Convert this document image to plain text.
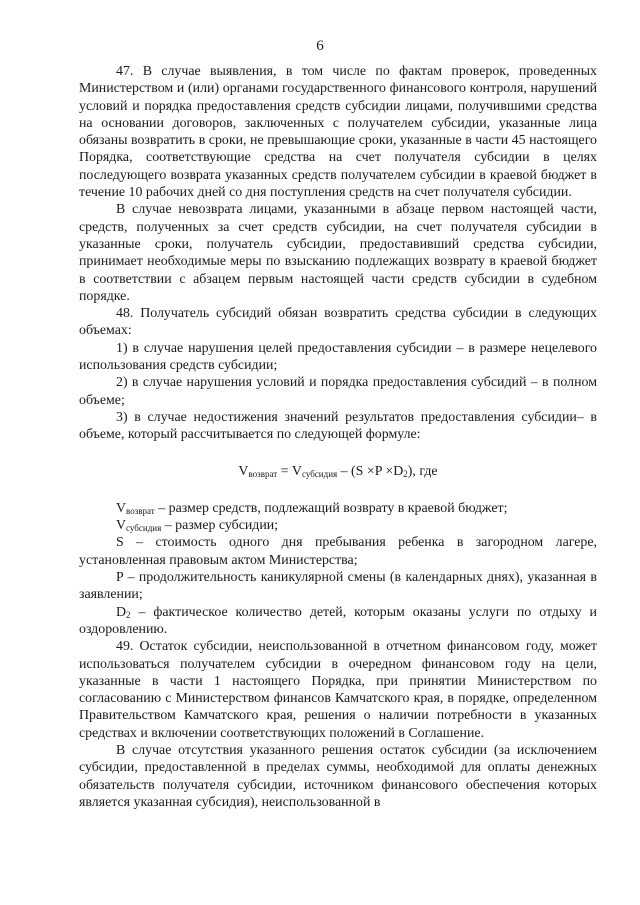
6

47. В случае выявления, в том числе по фактам проверок, проведенных Министерством и (или) органами государственного финансового контроля, нарушений условий и порядка предоставления средств субсидии лицами, получившими средства на основании договоров, заключенных с получателем субсидии, указанные лица обязаны возвратить в сроки, не превышающие сроки, указанные в части 45 настоящего Порядка, соответствующие средства на счет получателя субсидии в целях последующего возврата указанных средств получателем субсидии в краевой бюджет в течение 10 рабочих дней со дня поступления средств на счет получателя субсидии.

В случае невозврата лицами, указанными в абзаце первом настоящей части, средств, полученных за счет средств субсидии, на счет получателя субсидии в указанные сроки, получатель субсидии, предоставивший средства субсидии, принимает необходимые меры по взысканию подлежащих возврату в краевой бюджет в соответствии с абзацем первым настоящей части средств субсидии в судебном порядке.

48. Получатель субсидий обязан возвратить средства субсидии в следующих объемах:

1) в случае нарушения целей предоставления субсидии – в размере нецелевого использования средств субсидии;

2) в случае нарушения условий и порядка предоставления субсидий – в полном объеме;

3) в случае недостижения значений результатов предоставления субсидии– в объеме, который рассчитывается по следующей формуле:

$V_{возврат} = V_{субсидия} - (S \times P \times D_2)$, где

$V_{возврат}$ – размер средств, подлежащий возврату в краевой бюджет;

$V_{субсидия}$ – размер субсидии;

S – стоимость одного дня пребывания ребенка в загородном лагере, установленная правовым актом Министерства;

P – продолжительность каникулярной смены (в календарных днях), указанная в заявлении;

$D_2$ – фактическое количество детей, которым оказаны услуги по отдыху и оздоровлению.

49. Остаток субсидии, неиспользованной в отчетном финансовом году, может использоваться получателем субсидии в очередном финансовом году на цели, указанные в части 1 настоящего Порядка, при принятии Министерством по согласованию с Министерством финансов Камчатского края, в порядке, определенном Правительством Камчатского края, решения о наличии потребности в указанных средствах и включении соответствующих положений в Соглашение.

В случае отсутствия указанного решения остаток субсидии (за исключением субсидии, предоставленной в пределах суммы, необходимой для оплаты денежных обязательств получателя субсидии, источником финансового обеспечения которых является указанная субсидия), неиспользованной в
